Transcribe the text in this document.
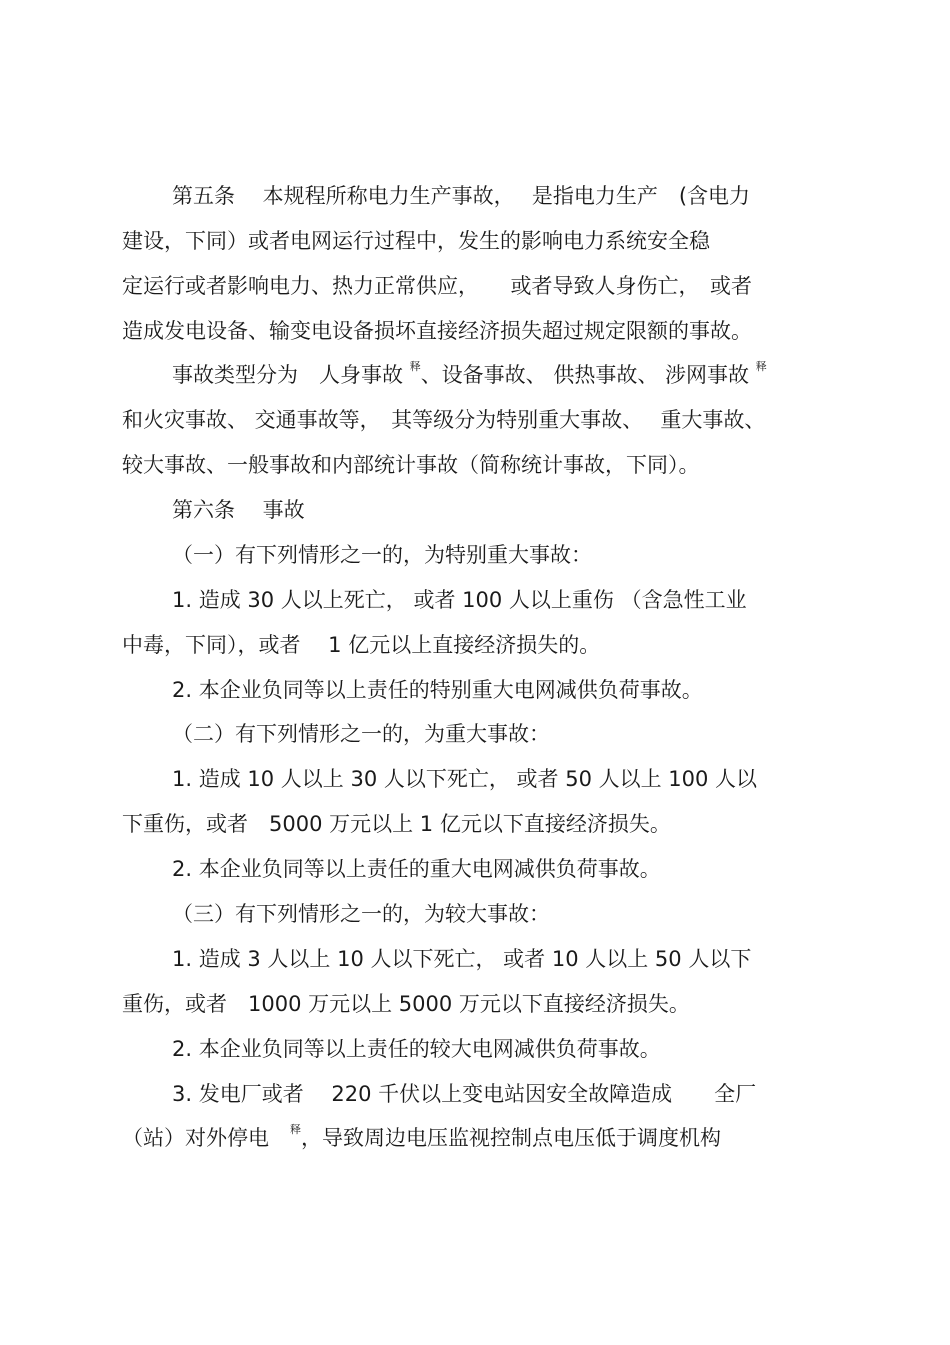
第五条　 本规程所称电力生产事故，　 是指电力生产　(含电力
建设，下同）或者电网运行过程中，发生的影响电力系统安全稳
定运行或者影响电力、热力正常供应，　　或者导致人身伤亡，　或者
造成发电设备、输变电设备损坏直接经济损失超过规定限额的事故。
事故类型分为　人身事故 $^释$、设备事故、 供热事故、 涉网事故 $^释$
和火灾事故、 交通事故等，　其等级分为特别重大事故、　 重大事故、
较大事故、一般事故和内部统计事故（简称统计事故，下同）。
第六条　 事故
（一）有下列情形之一的，为特别重大事故：
1. 造成 30 人以上死亡， 或者 100 人以上重伤 （含急性工业
中毒，下同），或者　 1 亿元以上直接经济损失的。
2. 本企业负同等以上责任的特别重大电网减供负荷事故。
（二）有下列情形之一的，为重大事故：
1. 造成 10 人以上 30 人以下死亡， 或者 50 人以上 100 人以
下重伤，或者　5000 万元以上 1 亿元以下直接经济损失。
2. 本企业负同等以上责任的重大电网减供负荷事故。
（三）有下列情形之一的，为较大事故：
1. 造成 3 人以上 10 人以下死亡， 或者 10 人以上 50 人以下
重伤，或者　1000 万元以上 5000 万元以下直接经济损失。
2. 本企业负同等以上责任的较大电网减供负荷事故。
3. 发电厂或者　 220 千伏以上变电站因安全故障造成　　全厂
（站）对外停电　$^释$，导致周边电压监视控制点电压低于调度机构
